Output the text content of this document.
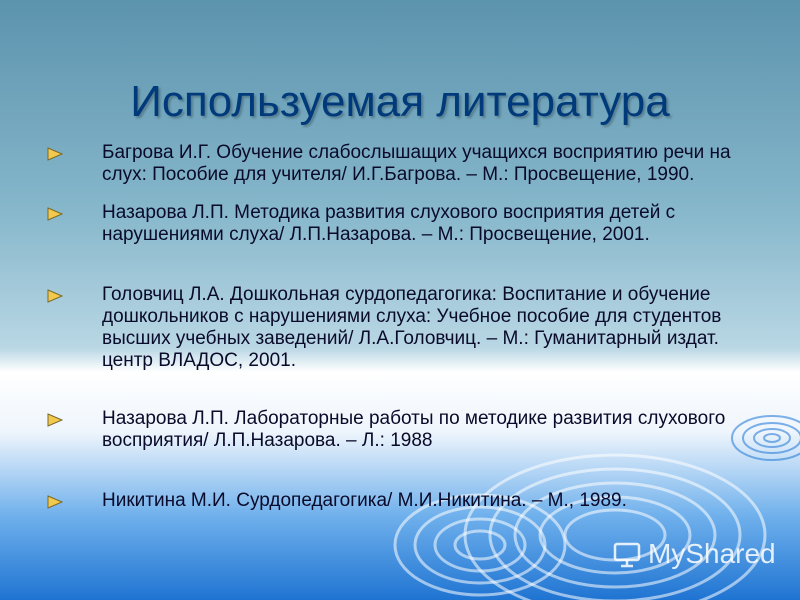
Используемая литература
Багрова И.Г. Обучение слабослышащих учащихся восприятию речи на слух: Пособие для учителя/ И.Г.Багрова. – М.: Просвещение, 1990.
Назарова Л.П. Методика развития слухового восприятия детей с нарушениями слуха/ Л.П.Назарова. – М.: Просвещение, 2001.
Головчиц Л.А. Дошкольная сурдопедагогика: Воспитание и обучение дошкольников с нарушениями слуха: Учебное пособие для студентов высших учебных заведений/ Л.А.Головчиц. – М.: Гуманитарный издат. центр ВЛАДОС, 2001.
Назарова Л.П. Лабораторные работы по методике развития слухового восприятия/ Л.П.Назарова. – Л.: 1988
Никитина М.И. Сурдопедагогика/ М.И.Никитина. – М., 1989.
MyShared
